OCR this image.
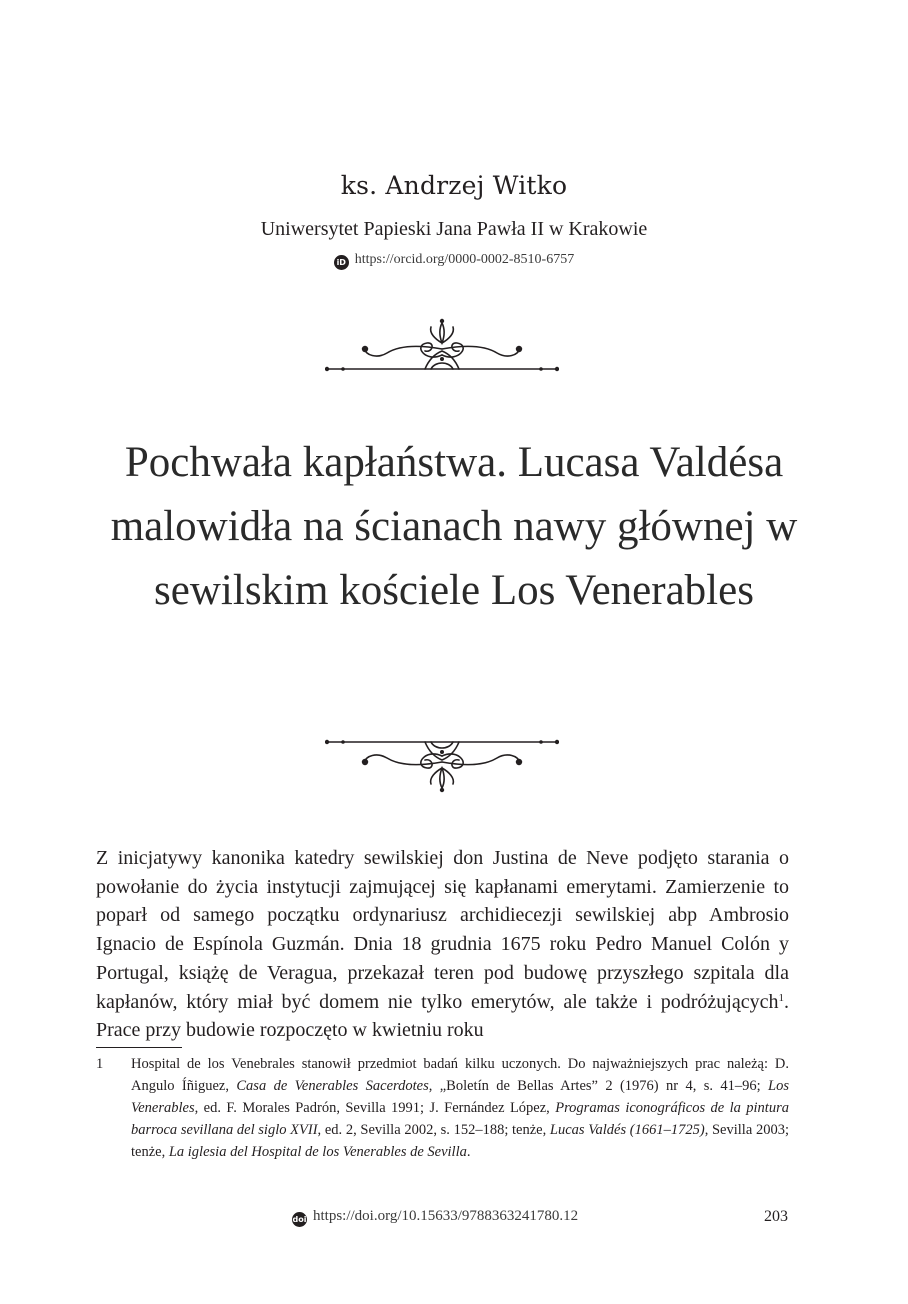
ks. Andrzej Witko
Uniwersytet Papieski Jana Pawła II w Krakowie
iD https://orcid.org/0000-0002-8510-6757
Pochwała kapłaństwa. Lucasa Valdésa malowidła na ścianach nawy głównej w sewilskim kościele Los Venerables

Z inicjatywy kanonika katedry sewilskiej don Justina de Neve podjęto starania o powołanie do życia instytucji zajmującej się kapłanami emerytami. Zamierzenie to poparł od samego początku ordynariusz archidiecezji sewilskiej abp Ambrosio Ignacio de Espínola Guzmán. Dnia 18 grudnia 1675 roku Pedro Manuel Colón y Portugal, książę de Veragua, przekazał teren pod budowę przyszłego szpitala dla kapłanów, który miał być domem nie tylko emerytów, ale także i podróżujących$^1$. Prace przy budowie rozpoczęto w kwietniu roku

1 Hospital de los Venebrales stanowił przedmiot badań kilku uczonych. Do najważniejszych prac należą: D. Angulo Íñiguez, Casa de Venerables Sacerdotes, „Boletín de Bellas Artes” 2 (1976) nr 4, s. 41–96; Los Venerables, ed. F. Morales Padrón, Sevilla 1991; J. Fernández López, Programas iconográficos de la pintura barroca sevillana del siglo XVII, ed. 2, Sevilla 2002, s. 152–188; tenże, Lucas Valdés (1661–1725), Sevilla 2003; tenże, La iglesia del Hospital de los Venerables de Sevilla.
doi https://doi.org/10.15633/9788363241780.12	203
